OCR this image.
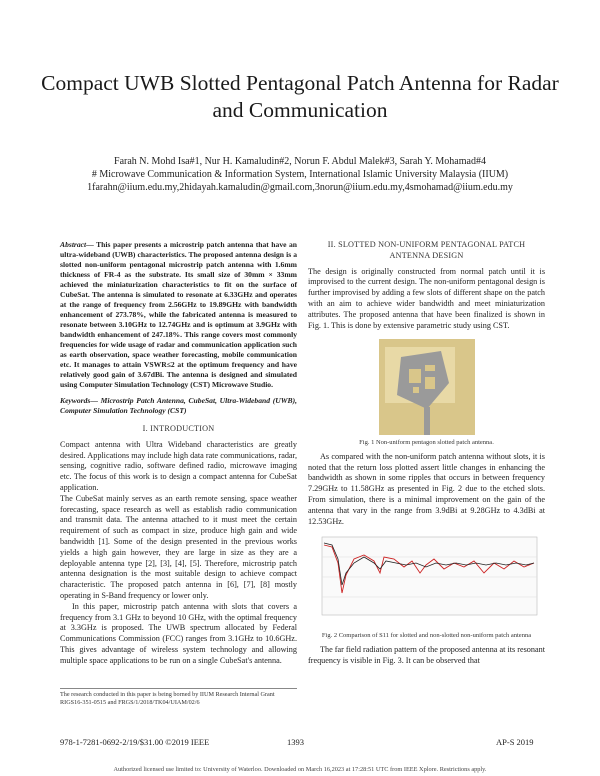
Compact UWB Slotted Pentagonal Patch Antenna for Radar and Communication
Farah N. Mohd Isa#1, Nur H. Kamaludin#2, Norun F. Abdul Malek#3, Sarah Y. Mohamad#4
# Microwave Communication & Information System, International Islamic University Malaysia (IIUM)
1farahn@iium.edu.my,2hidayah.kamaludin@gmail.com,3norun@iium.edu.my,4smohamad@iium.edu.my
Abstract— This paper presents a microstrip patch antenna that have an ultra-wideband (UWB) characteristics. The proposed antenna design is a slotted non-uniform pentagonal microstrip patch antenna with 1.6mm thickness of FR-4 as the substrate. Its small size of 30mm × 33mm achieved the miniaturization characteristics to fit on the surface of CubeSat. The antenna is simulated to resonate at 6.33GHz and operates at the range of frequency from 2.56GHz to 19.89GHz with bandwidth enhancement of 273.78%, while the fabricated antenna is measured to resonate between 3.10GHz to 12.74GHz and is optimum at 3.9GHz with bandwidth enhancement of 247.18%. This range covers most commonly frequencies for wide usage of radar and communication application such as earth observation, space weather forecasting, mobile communication etc. It manages to attain VSWR≤2 at the optimum frequency and have relatively good gain of 3.67dBi. The antenna is designed and simulated using Computer Simulation Technology (CST) Microwave Studio.
Keywords— Microstrip Patch Antenna, CubeSat, Ultra-Wideband (UWB), Computer Simulation Technology (CST)
I. INTRODUCTION

Compact antenna with Ultra Wideband characteristics are greatly desired. Applications may include high data rate communications, radar, sensing, cognitive radio, software defined radio, microwave imaging etc. The focus of this work is to design a compact antenna for CubeSat application.

The CubeSat mainly serves as an earth remote sensing, space weather forecasting, space research as well as establish radio communication and transmit data. The antenna attached to it must meet the certain requirement of such as compact in size, produce high gain and wide bandwidth [1]. Some of the design presented in the previous works yields a high gain however, they are large in size as they are a deployable antenna type [2], [3], [4], [5]. Therefore, microstrip patch antenna designation is the most suitable design to achieve compact characteristic. The proposed patch antenna in [6], [7], [8] mostly operating in S-Band frequency or lower only.

In this paper, microstrip patch antenna with slots that covers a frequency from 3.1 GHz to beyond 10 GHz, with the optimal frequency at 3.3GHz is proposed. The UWB spectrum allocated by Federal Communications Commission (FCC) ranges from 3.1GHz to 10.6GHz. This gives advantage of wireless system technology and allowing multiple space applications to be run on a single CubeSat's antenna.

The research conducted in this paper is being borned by IIUM Research Internal Grant RIGS16-351-0515 and FRGS/1/2018/TK04/UIAM/02/6
II. SLOTTED NON-UNIFORM PENTAGONAL PATCH ANTENNA DESIGN

The design is originally constructed from normal patch until it is improvised to the current design. The non-uniform pentagonal design is further improvised by adding a few slots of different shape on the patch with an aim to achieve wider bandwidth and meet miniaturization attributes. The proposed antenna that have been finalized is shown in Fig. 1. This is done by extensive parametric study using CST.

Fig. 1 Non-uniform pentagon slotted patch antenna.

As compared with the non-uniform patch antenna without slots, it is noted that the return loss plotted assert little changes in enhancing the bandwidth as shown in some ripples that occurs in between frequency 7.29GHz to 11.58GHz as presented in Fig. 2 due to the etched slots. From simulation, there is a minimal improvement on the gain of the antenna that vary in the range from 3.9dBi at 9.28GHz to 4.3dBi at 12.53GHz.

Fig. 2 Comparison of S11 for slotted and non-slotted non-uniform patch antenna

The far field radiation pattern of the proposed antenna at its resonant frequency is visible in Fig. 3. It can be observed that

978-1-7281-0692-2/19/$31.00 ©2019 IEEE	1393	AP-S 2019
Authorized licensed use limited to: University of Waterloo. Downloaded on March 16,2023 at 17:28:51 UTC from IEEE Xplore. Restrictions apply.
